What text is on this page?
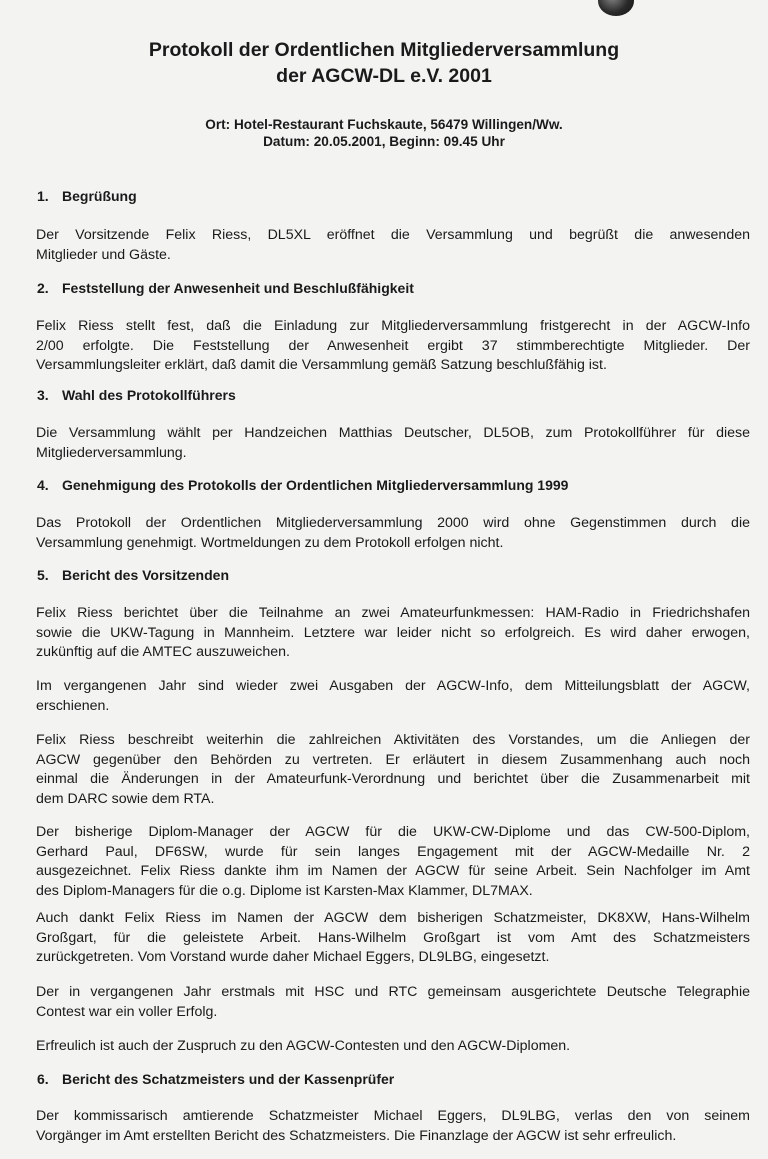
Protokoll der Ordentlichen Mitgliederversammlung
der AGCW-DL e.V. 2001
Ort: Hotel-Restaurant Fuchskaute, 56479 Willingen/Ww.
Datum: 20.05.2001, Beginn: 09.45 Uhr
1. Begrüßung
Der Vorsitzende Felix Riess, DL5XL eröffnet die Versammlung und begrüßt die anwesenden
Mitglieder und Gäste.
2. Feststellung der Anwesenheit und Beschlußfähigkeit
Felix Riess stellt fest, daß die Einladung zur Mitgliederversammlung fristgerecht in der AGCW-Info
2/00 erfolgte. Die Feststellung der Anwesenheit ergibt 37 stimmberechtigte Mitglieder. Der
Versammlungsleiter erklärt, daß damit die Versammlung gemäß Satzung beschlußfähig ist.
3. Wahl des Protokollführers
Die Versammlung wählt per Handzeichen Matthias Deutscher, DL5OB, zum Protokollführer für diese
Mitgliederversammlung.
4. Genehmigung des Protokolls der Ordentlichen Mitgliederversammlung 1999
Das Protokoll der Ordentlichen Mitgliederversammlung 2000 wird ohne Gegenstimmen durch die
Versammlung genehmigt. Wortmeldungen zu dem Protokoll erfolgen nicht.
5. Bericht des Vorsitzenden
Felix Riess berichtet über die Teilnahme an zwei Amateurfunkmessen: HAM-Radio in Friedrichshafen
sowie die UKW-Tagung in Mannheim. Letztere war leider nicht so erfolgreich. Es wird daher erwogen,
zukünftig auf die AMTEC auszuweichen.
Im vergangenen Jahr sind wieder zwei Ausgaben der AGCW-Info, dem Mitteilungsblatt der AGCW,
erschienen.
Felix Riess beschreibt weiterhin die zahlreichen Aktivitäten des Vorstandes, um die Anliegen der
AGCW gegenüber den Behörden zu vertreten. Er erläutert in diesem Zusammenhang auch noch
einmal die Änderungen in der Amateurfunk-Verordnung und berichtet über die Zusammenarbeit mit
dem DARC sowie dem RTA.
Der bisherige Diplom-Manager der AGCW für die UKW-CW-Diplome und das CW-500-Diplom,
Gerhard Paul, DF6SW, wurde für sein langes Engagement mit der AGCW-Medaille Nr. 2
ausgezeichnet. Felix Riess dankte ihm im Namen der AGCW für seine Arbeit. Sein Nachfolger im Amt
des Diplom-Managers für die o.g. Diplome ist Karsten-Max Klammer, DL7MAX.
Auch dankt Felix Riess im Namen der AGCW dem bisherigen Schatzmeister, DK8XW, Hans-Wilhelm
Großgart, für die geleistete Arbeit. Hans-Wilhelm Großgart ist vom Amt des Schatzmeisters
zurückgetreten. Vom Vorstand wurde daher Michael Eggers, DL9LBG, eingesetzt.
Der in vergangenen Jahr erstmals mit HSC und RTC gemeinsam ausgerichtete Deutsche Telegraphie
Contest war ein voller Erfolg.
Erfreulich ist auch der Zuspruch zu den AGCW-Contesten und den AGCW-Diplomen.
6. Bericht des Schatzmeisters und der Kassenprüfer
Der kommissarisch amtierende Schatzmeister Michael Eggers, DL9LBG, verlas den von seinem
Vorgänger im Amt erstellten Bericht des Schatzmeisters. Die Finanzlage der AGCW ist sehr erfreulich.
